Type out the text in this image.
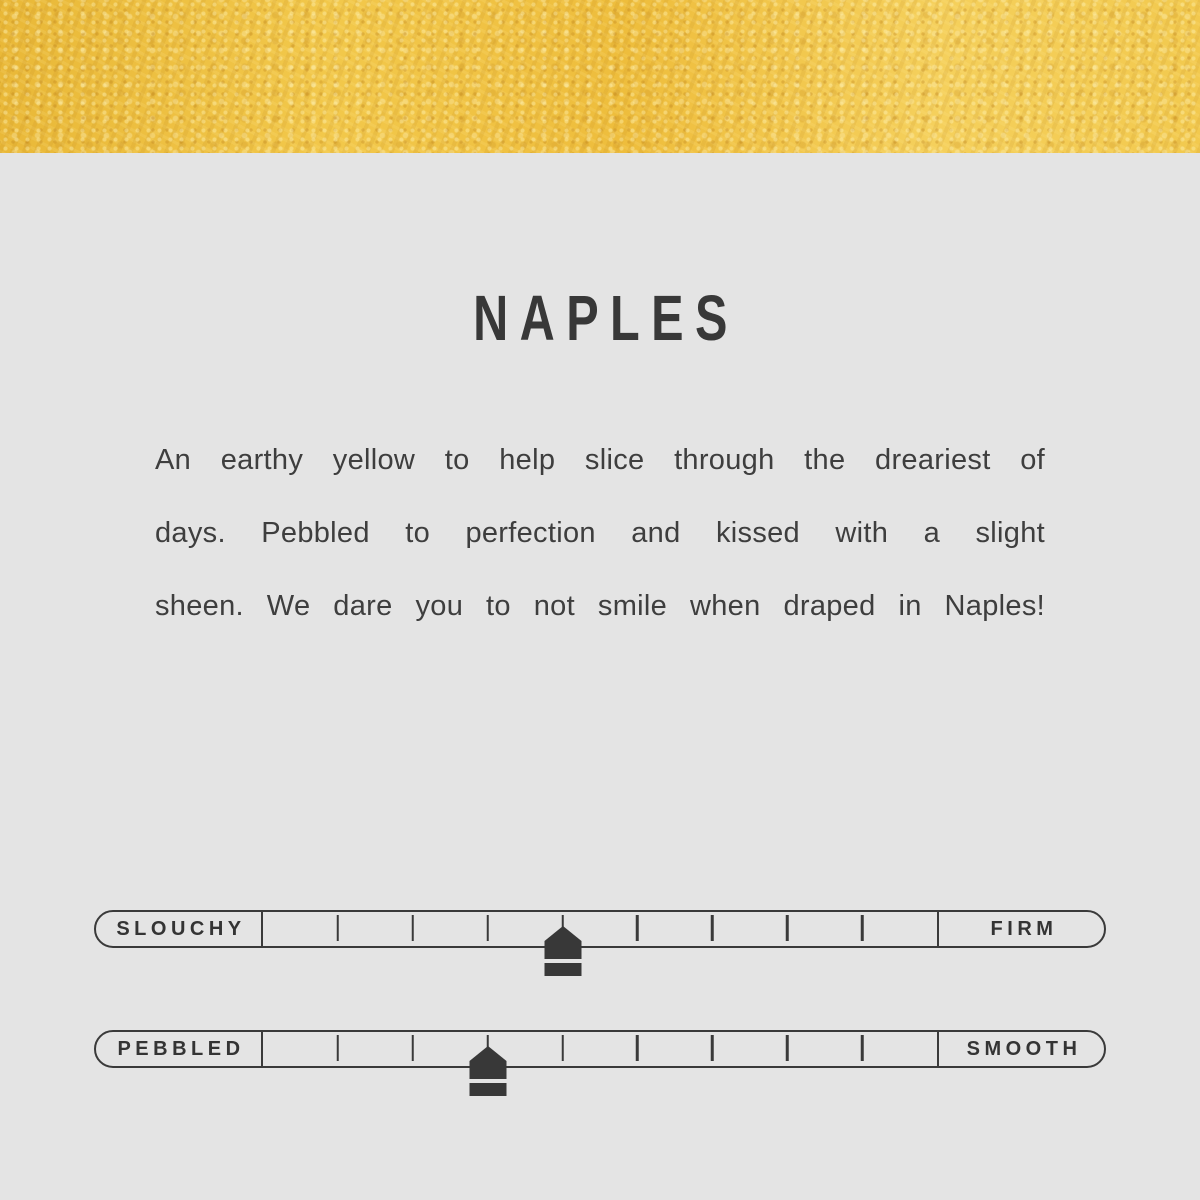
NAPLES
An earthy yellow to help slice through the dreariest of
days. Pebbled to perfection and kissed with a slight
sheen. We dare you to not smile when draped in Naples!
SLOUCHY	FIRM
PEBBLED	SMOOTH
